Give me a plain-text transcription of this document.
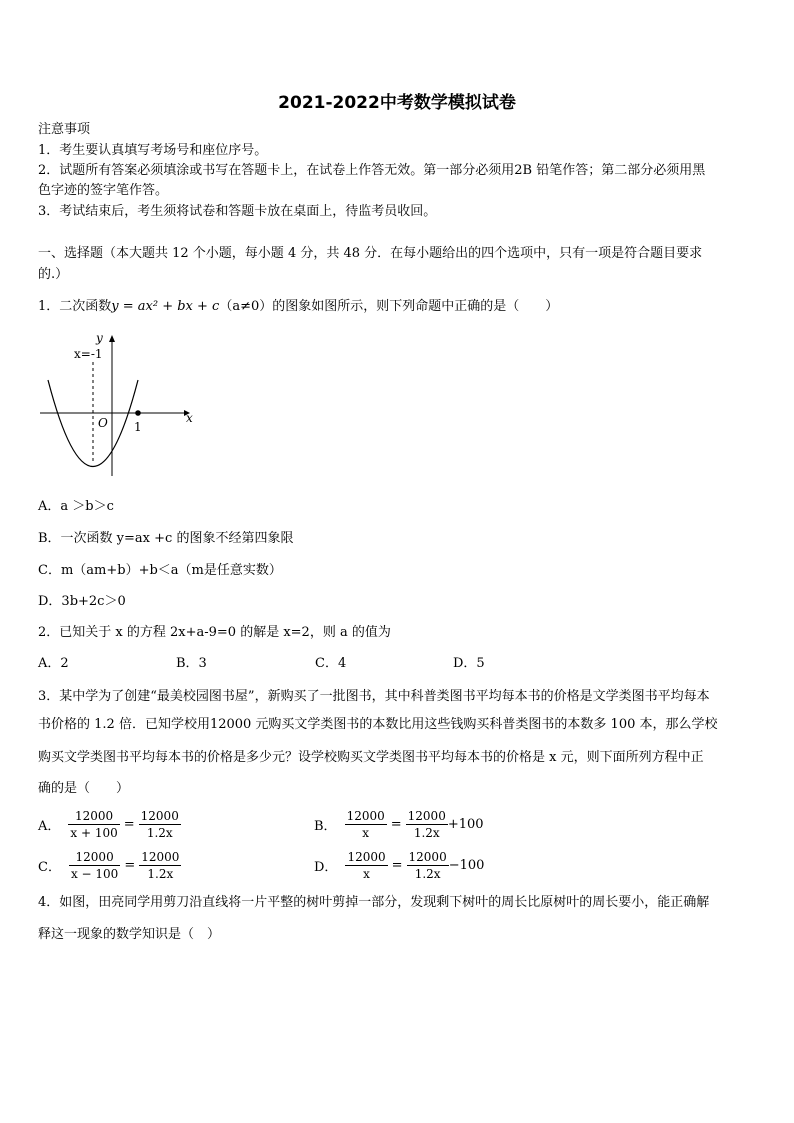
2021-2022中考数学模拟试卷
注意事项
1．考生要认真填写考场号和座位序号。
2．试题所有答案必须填涂或书写在答题卡上，在试卷上作答无效。第一部分必须用2B 铅笔作答；第二部分必须用黑
色字迹的签字笔作答。
3．考试结束后，考生须将试卷和答题卡放在桌面上，待监考员收回。
一、选择题（本大题共 12 个小题，每小题 4 分，共 48 分．在每小题给出的四个选项中，只有一项是符合题目要求
的.）
1．二次函数y = ax² + bx + c（a≠0）的图象如图所示，则下列命题中正确的是（　　）
y
x
O
x=-1
1
A．a ＞b＞c
B．一次函数 y=ax +c 的图象不经第四象限
C．m（am+b）+b＜a（m是任意实数）
D．3b+2c＞0
2．已知关于 x 的方程 2x+a-9=0 的解是 x=2，则 a 的值为
A．2	B．3	C．4	D．5
3．某中学为了创建“最美校园图书屋”，新购买了一批图书，其中科普类图书平均每本书的价格是文学类图书平均每本
书价格的 1.2 倍．已知学校用12000 元购买文学类图书的本数比用这些钱购买科普类图书的本数多 100 本，那么学校
购买文学类图书平均每本书的价格是多少元？设学校购买文学类图书平均每本书的价格是 x 元，则下面所列方程中正
确的是（　　）
A． $\frac{12000}{x + 100} = \frac{12000}{1.2x}$	B． $\frac{12000}{x} = \frac{12000}{1.2x} +100$
C． $\frac{12000}{x - 100} = \frac{12000}{1.2x}$	D． $\frac{12000}{x} = \frac{12000}{1.2x} -100$
4．如图，田亮同学用剪刀沿直线将一片平整的树叶剪掉一部分，发现剩下树叶的周长比原树叶的周长要小，能正确解
释这一现象的数学知识是（　）
